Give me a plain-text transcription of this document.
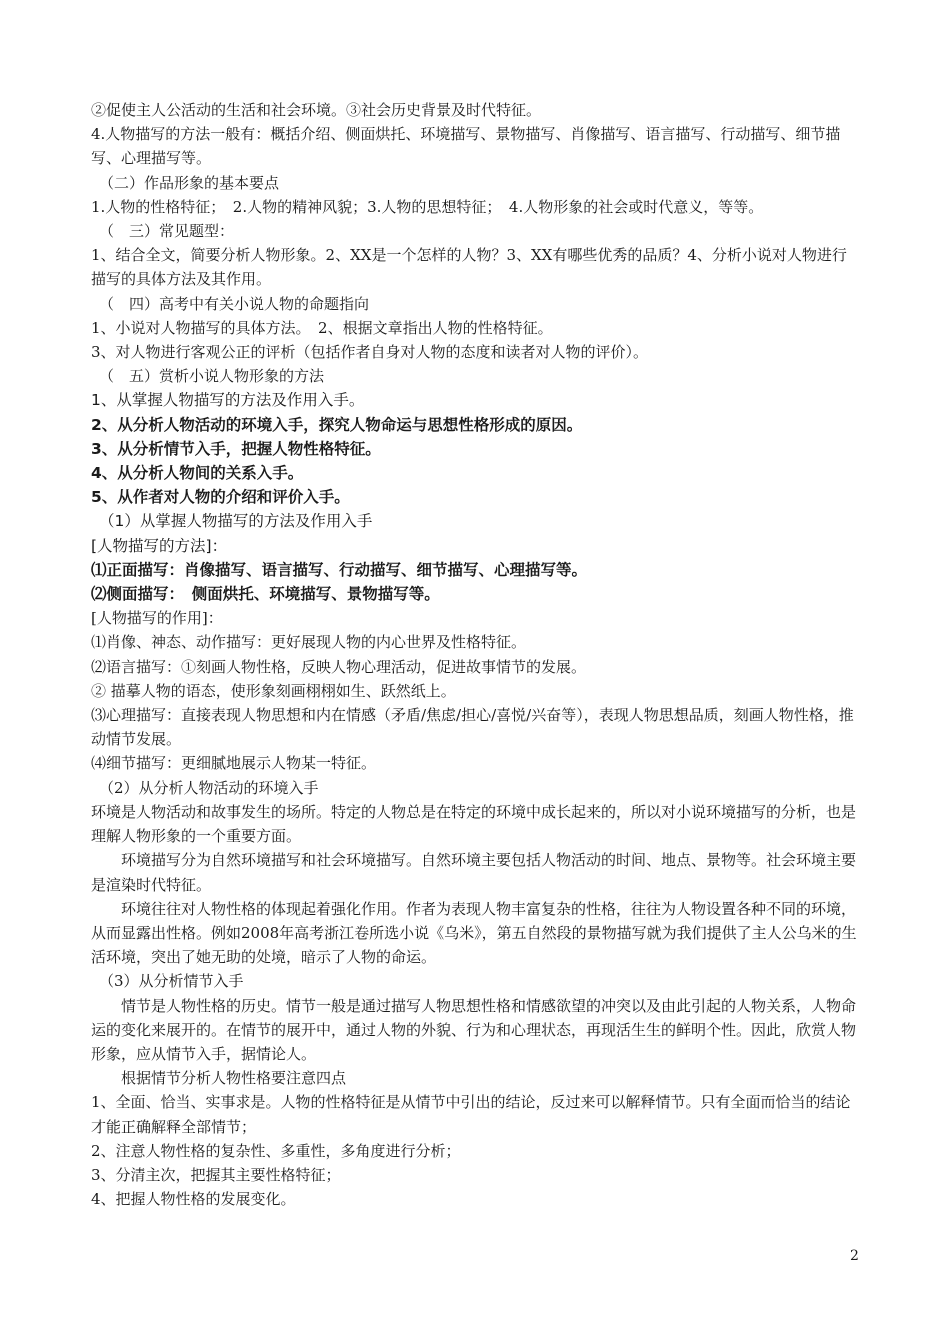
②促使主人公活动的生活和社会环境。③社会历史背景及时代特征。

4.人物描写的方法一般有：概括介绍、侧面烘托、环境描写、景物描写、肖像描写、语言描写、行动描写、细节描写、心理描写等。

（二）作品形象的基本要点

1.人物的性格特征；　2.人物的精神风貌；3.人物的思想特征；　4.人物形象的社会或时代意义，等等。

（　三）常见题型：

1、结合全文，简要分析人物形象。2、XX是一个怎样的人物？3、XX有哪些优秀的品质？4、分析小说对人物进行描写的具体方法及其作用。

（　四）高考中有关小说人物的命题指向

1、小说对人物描写的具体方法。　2、根据文章指出人物的性格特征。

3、对人物进行客观公正的评析（包括作者自身对人物的态度和读者对人物的评价）。

（　五）赏析小说人物形象的方法

1、从掌握人物描写的方法及作用入手。

2、从分析人物活动的环境入手，探究人物命运与思想性格形成的原因。

3、从分析情节入手，把握人物性格特征。

4、从分析人物间的关系入手。

5、从作者对人物的介绍和评价入手。

（1）从掌握人物描写的方法及作用入手

[人物描写的方法]：

⑴正面描写：肖像描写、语言描写、行动描写、细节描写、心理描写等。

⑵侧面描写：　侧面烘托、环境描写、景物描写等。

[人物描写的作用]：

⑴肖像、神态、动作描写：更好展现人物的内心世界及性格特征。

⑵语言描写：①刻画人物性格，反映人物心理活动，促进故事情节的发展。

② 描摹人物的语态，使形象刻画栩栩如生、跃然纸上。

⑶心理描写：直接表现人物思想和内在情感（矛盾/焦虑/担心/喜悦/兴奋等），表现人物思想品质，刻画人物性格，推动情节发展。

⑷细节描写：更细腻地展示人物某一特征。

（2）从分析人物活动的环境入手

环境是人物活动和故事发生的场所。特定的人物总是在特定的环境中成长起来的，所以对小说环境描写的分析，也是理解人物形象的一个重要方面。

环境描写分为自然环境描写和社会环境描写。自然环境主要包括人物活动的时间、地点、景物等。社会环境主要是渲染时代特征。

环境往往对人物性格的体现起着强化作用。作者为表现人物丰富复杂的性格，往往为人物设置各种不同的环境，从而显露出性格。例如2008年高考浙江卷所选小说《乌米》，第五自然段的景物描写就为我们提供了主人公乌米的生活环境，突出了她无助的处境，暗示了人物的命运。

（3）从分析情节入手

情节是人物性格的历史。情节一般是通过描写人物思想性格和情感欲望的冲突以及由此引起的人物关系，人物命运的变化来展开的。在情节的展开中，通过人物的外貌、行为和心理状态，再现活生生的鲜明个性。因此，欣赏人物形象，应从情节入手，据情论人。

根据情节分析人物性格要注意四点

1、全面、恰当、实事求是。人物的性格特征是从情节中引出的结论，反过来可以解释情节。只有全面而恰当的结论才能正确解释全部情节；

2、注意人物性格的复杂性、多重性，多角度进行分析；

3、分清主次，把握其主要性格特征；

4、把握人物性格的发展变化。

2
